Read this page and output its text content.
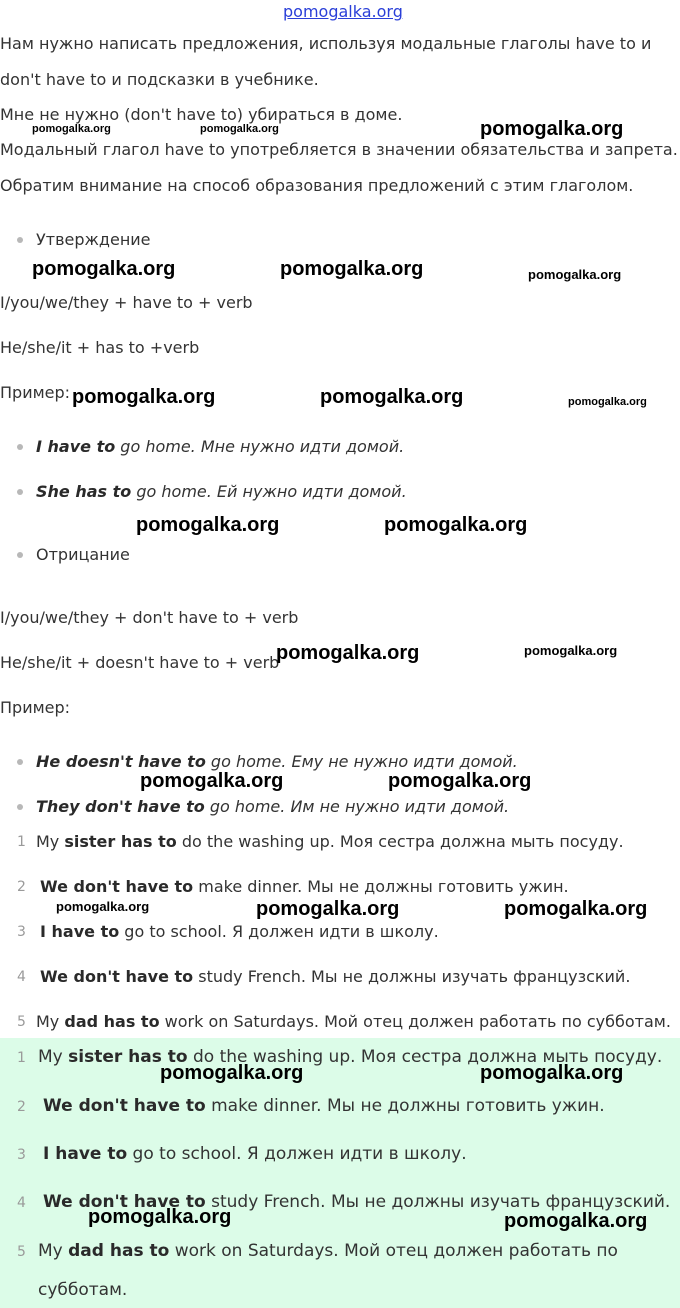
pomogalka.org
Нам нужно написать предложения, используя модальные глаголы have to и
don't have to и подсказки в учебнике.
Мне не нужно (don't have to) убираться в доме.
Модальный глагол have to употребляется в значении обязательства и запрета.
Обратим внимание на способ образования предложений с этим глаголом.
Утверждение
I/you/we/they + have to + verb
He/she/it + has to +verb
Пример:
I have to go home. Мне нужно идти домой.
She has to go home. Ей нужно идти домой.
Отрицание
I/you/we/they + don't have to + verb
He/she/it + doesn't have to + verb
Пример:
He doesn't have to go home. Ему не нужно идти домой.
They don't have to go home. Им не нужно идти домой.
1 My sister has to do the washing up. Моя сестра должна мыть посуду.
2 We don't have to make dinner. Мы не должны готовить ужин.
3 I have to go to school. Я должен идти в школу.
4 We don't have to study French. Мы не должны изучать французский.
5 My dad has to work on Saturdays. Мой отец должен работать по субботам.
1 My sister has to do the washing up. Моя сестра должна мыть посуду.
2 We don't have to make dinner. Мы не должны готовить ужин.
3 I have to go to school. Я должен идти в школу.
4 We don't have to study French. Мы не должны изучать французский.
5 My dad has to work on Saturdays. Мой отец должен работать по
субботам.
pomogalka.org	pomogalka.org	pomogalka.org
pomogalka.org	pomogalka.org	pomogalka.org
pomogalka.org	pomogalka.org	pomogalka.org
pomogalka.org	pomogalka.org
pomogalka.org	pomogalka.org
pomogalka.org	pomogalka.org
pomogalka.org	pomogalka.org	pomogalka.org
pomogalka.org	pomogalka.org
pomogalka.org	pomogalka.org
